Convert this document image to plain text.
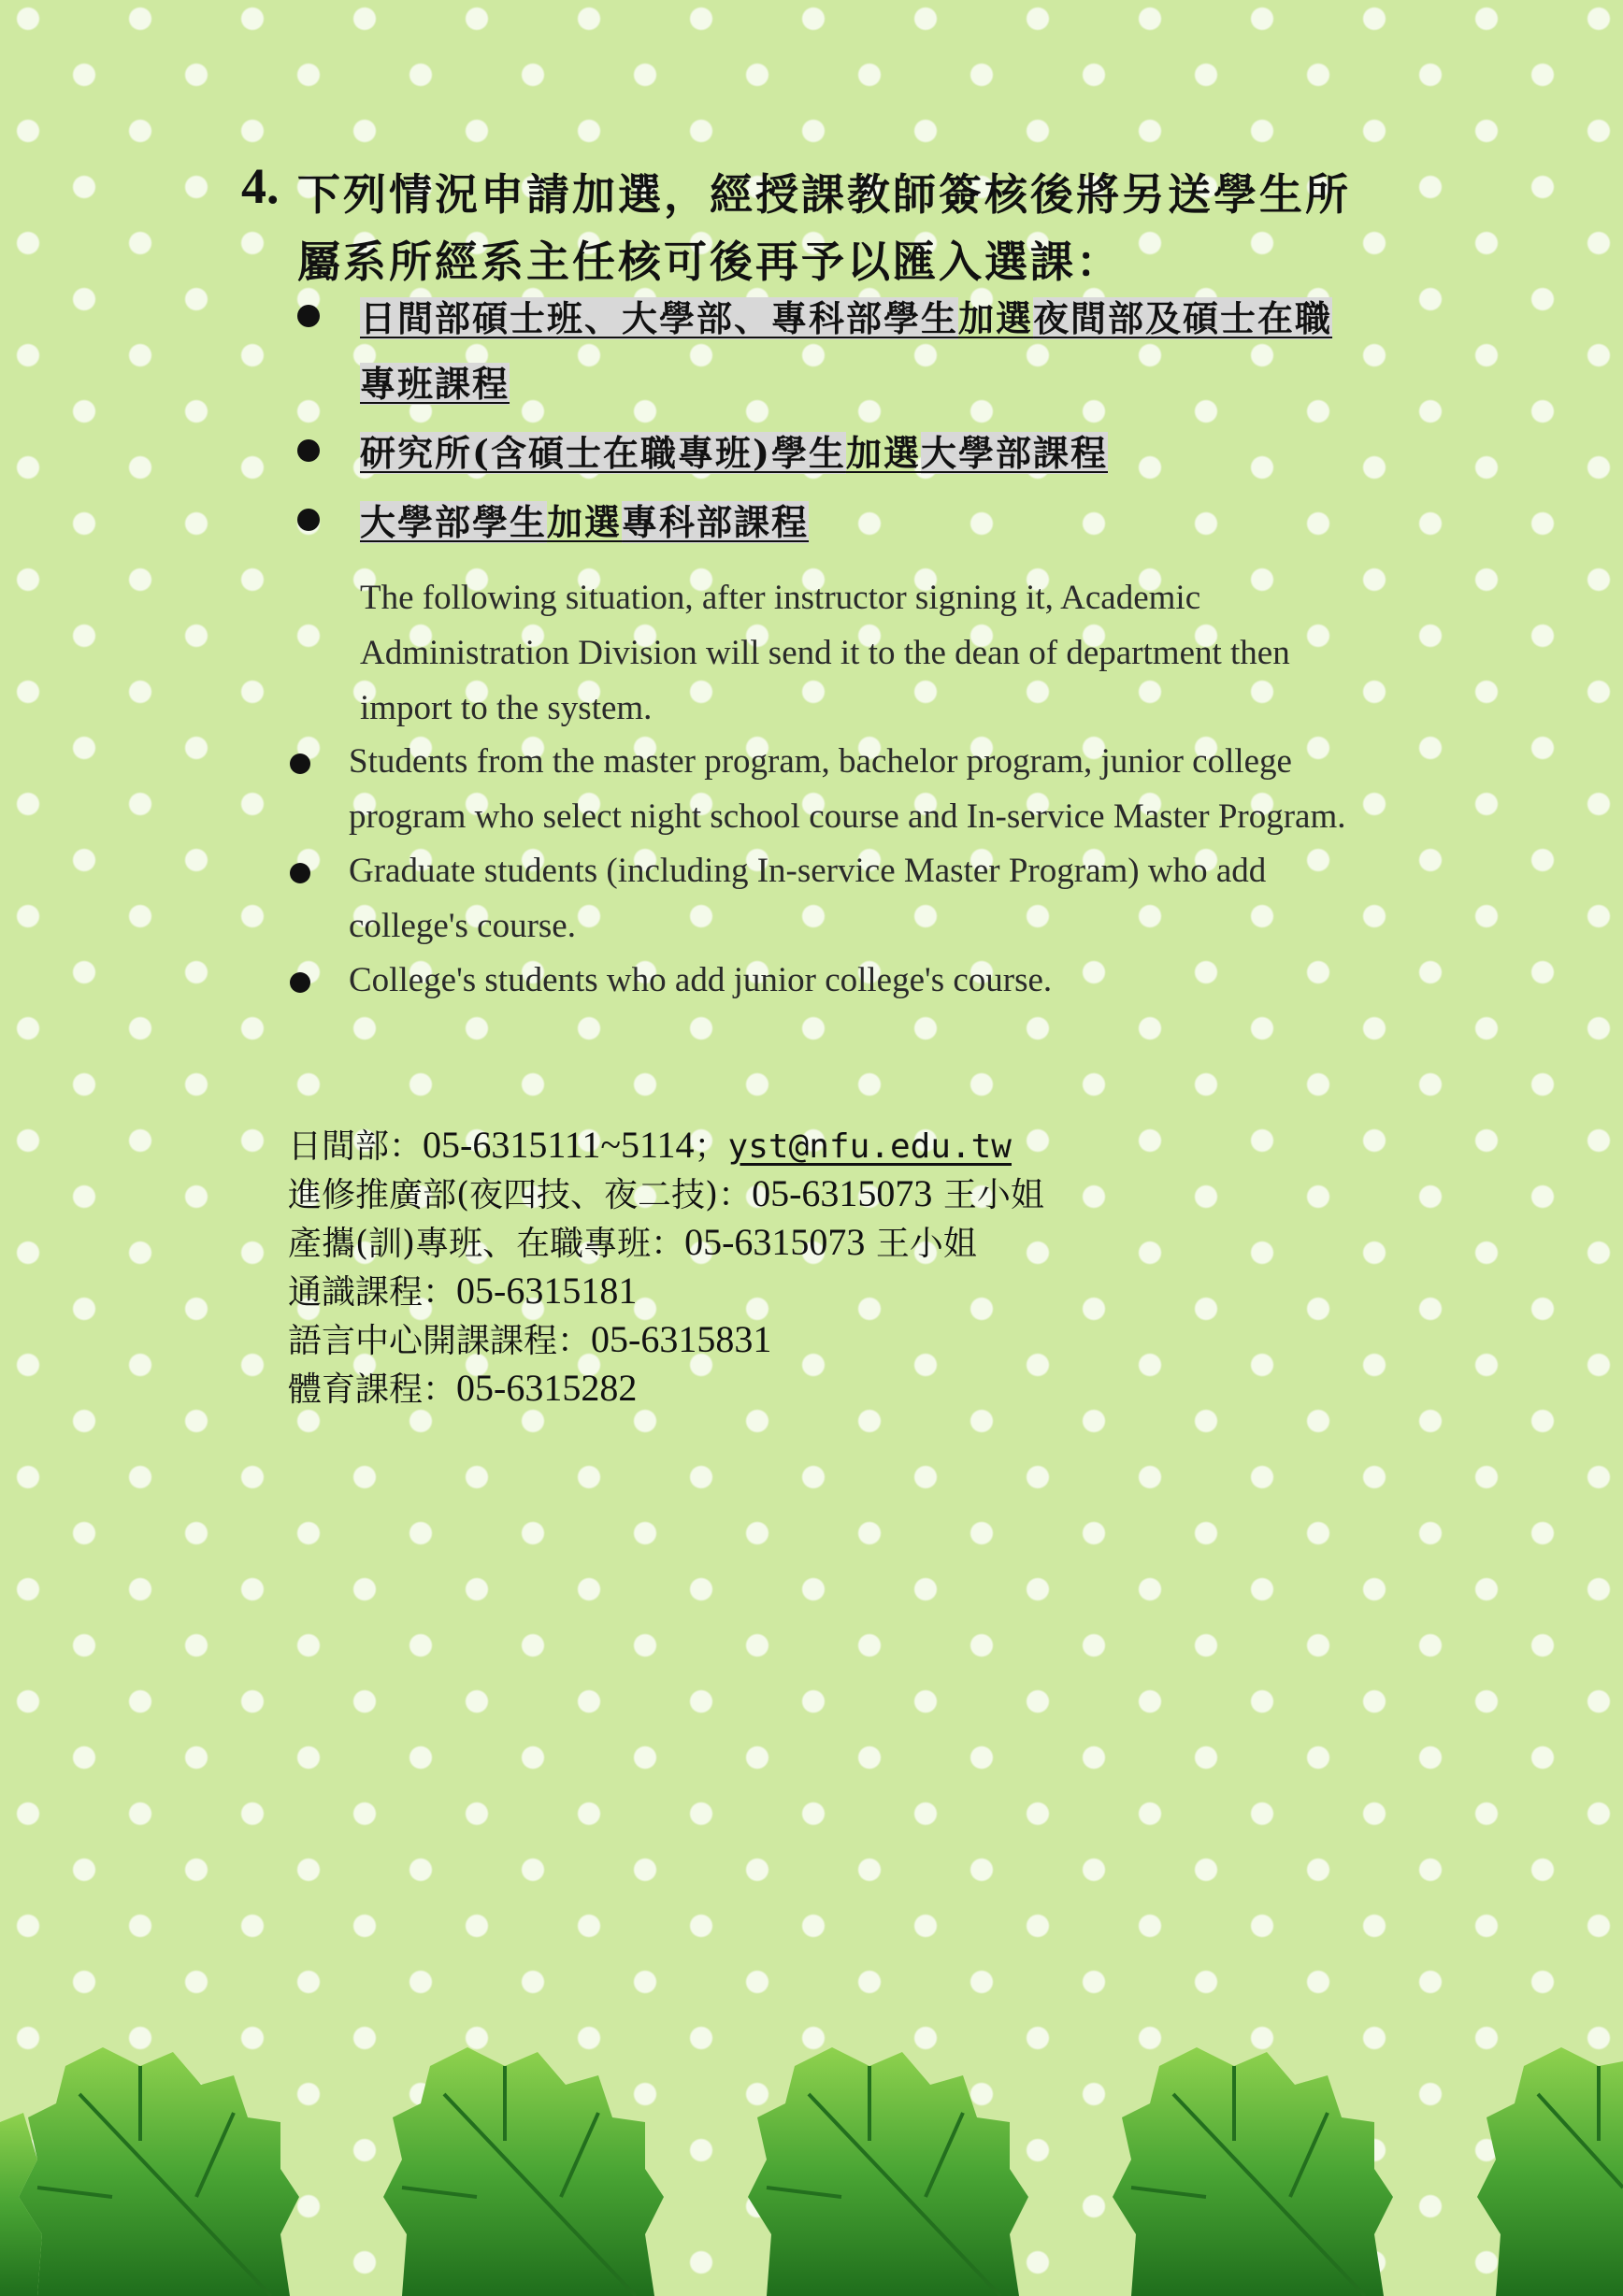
4. 下列情況申請加選，經授課教師簽核後將另送學生所屬系所經系主任核可後再予以匯入選課：
日間部碩士班、大學部、專科部學生加選夜間部及碩士在職專班課程
研究所(含碩士在職專班)學生加選大學部課程
大學部學生加選專科部課程
The following situation, after instructor signing it, Academic Administration Division will send it to the dean of department then import to the system.
Students from the master program, bachelor program, junior college program who select night school course and In-service Master Program.
Graduate students (including In-service Master Program) who add college's course.
College's students who add junior college's course.
日間部：05-6315111~5114；yst@nfu.edu.tw
進修推廣部(夜四技、夜二技)：05-6315073 王小姐
產攜(訓)專班、在職專班：05-6315073 王小姐
通識課程：05-6315181
語言中心開課課程：05-6315831
體育課程：05-6315282
